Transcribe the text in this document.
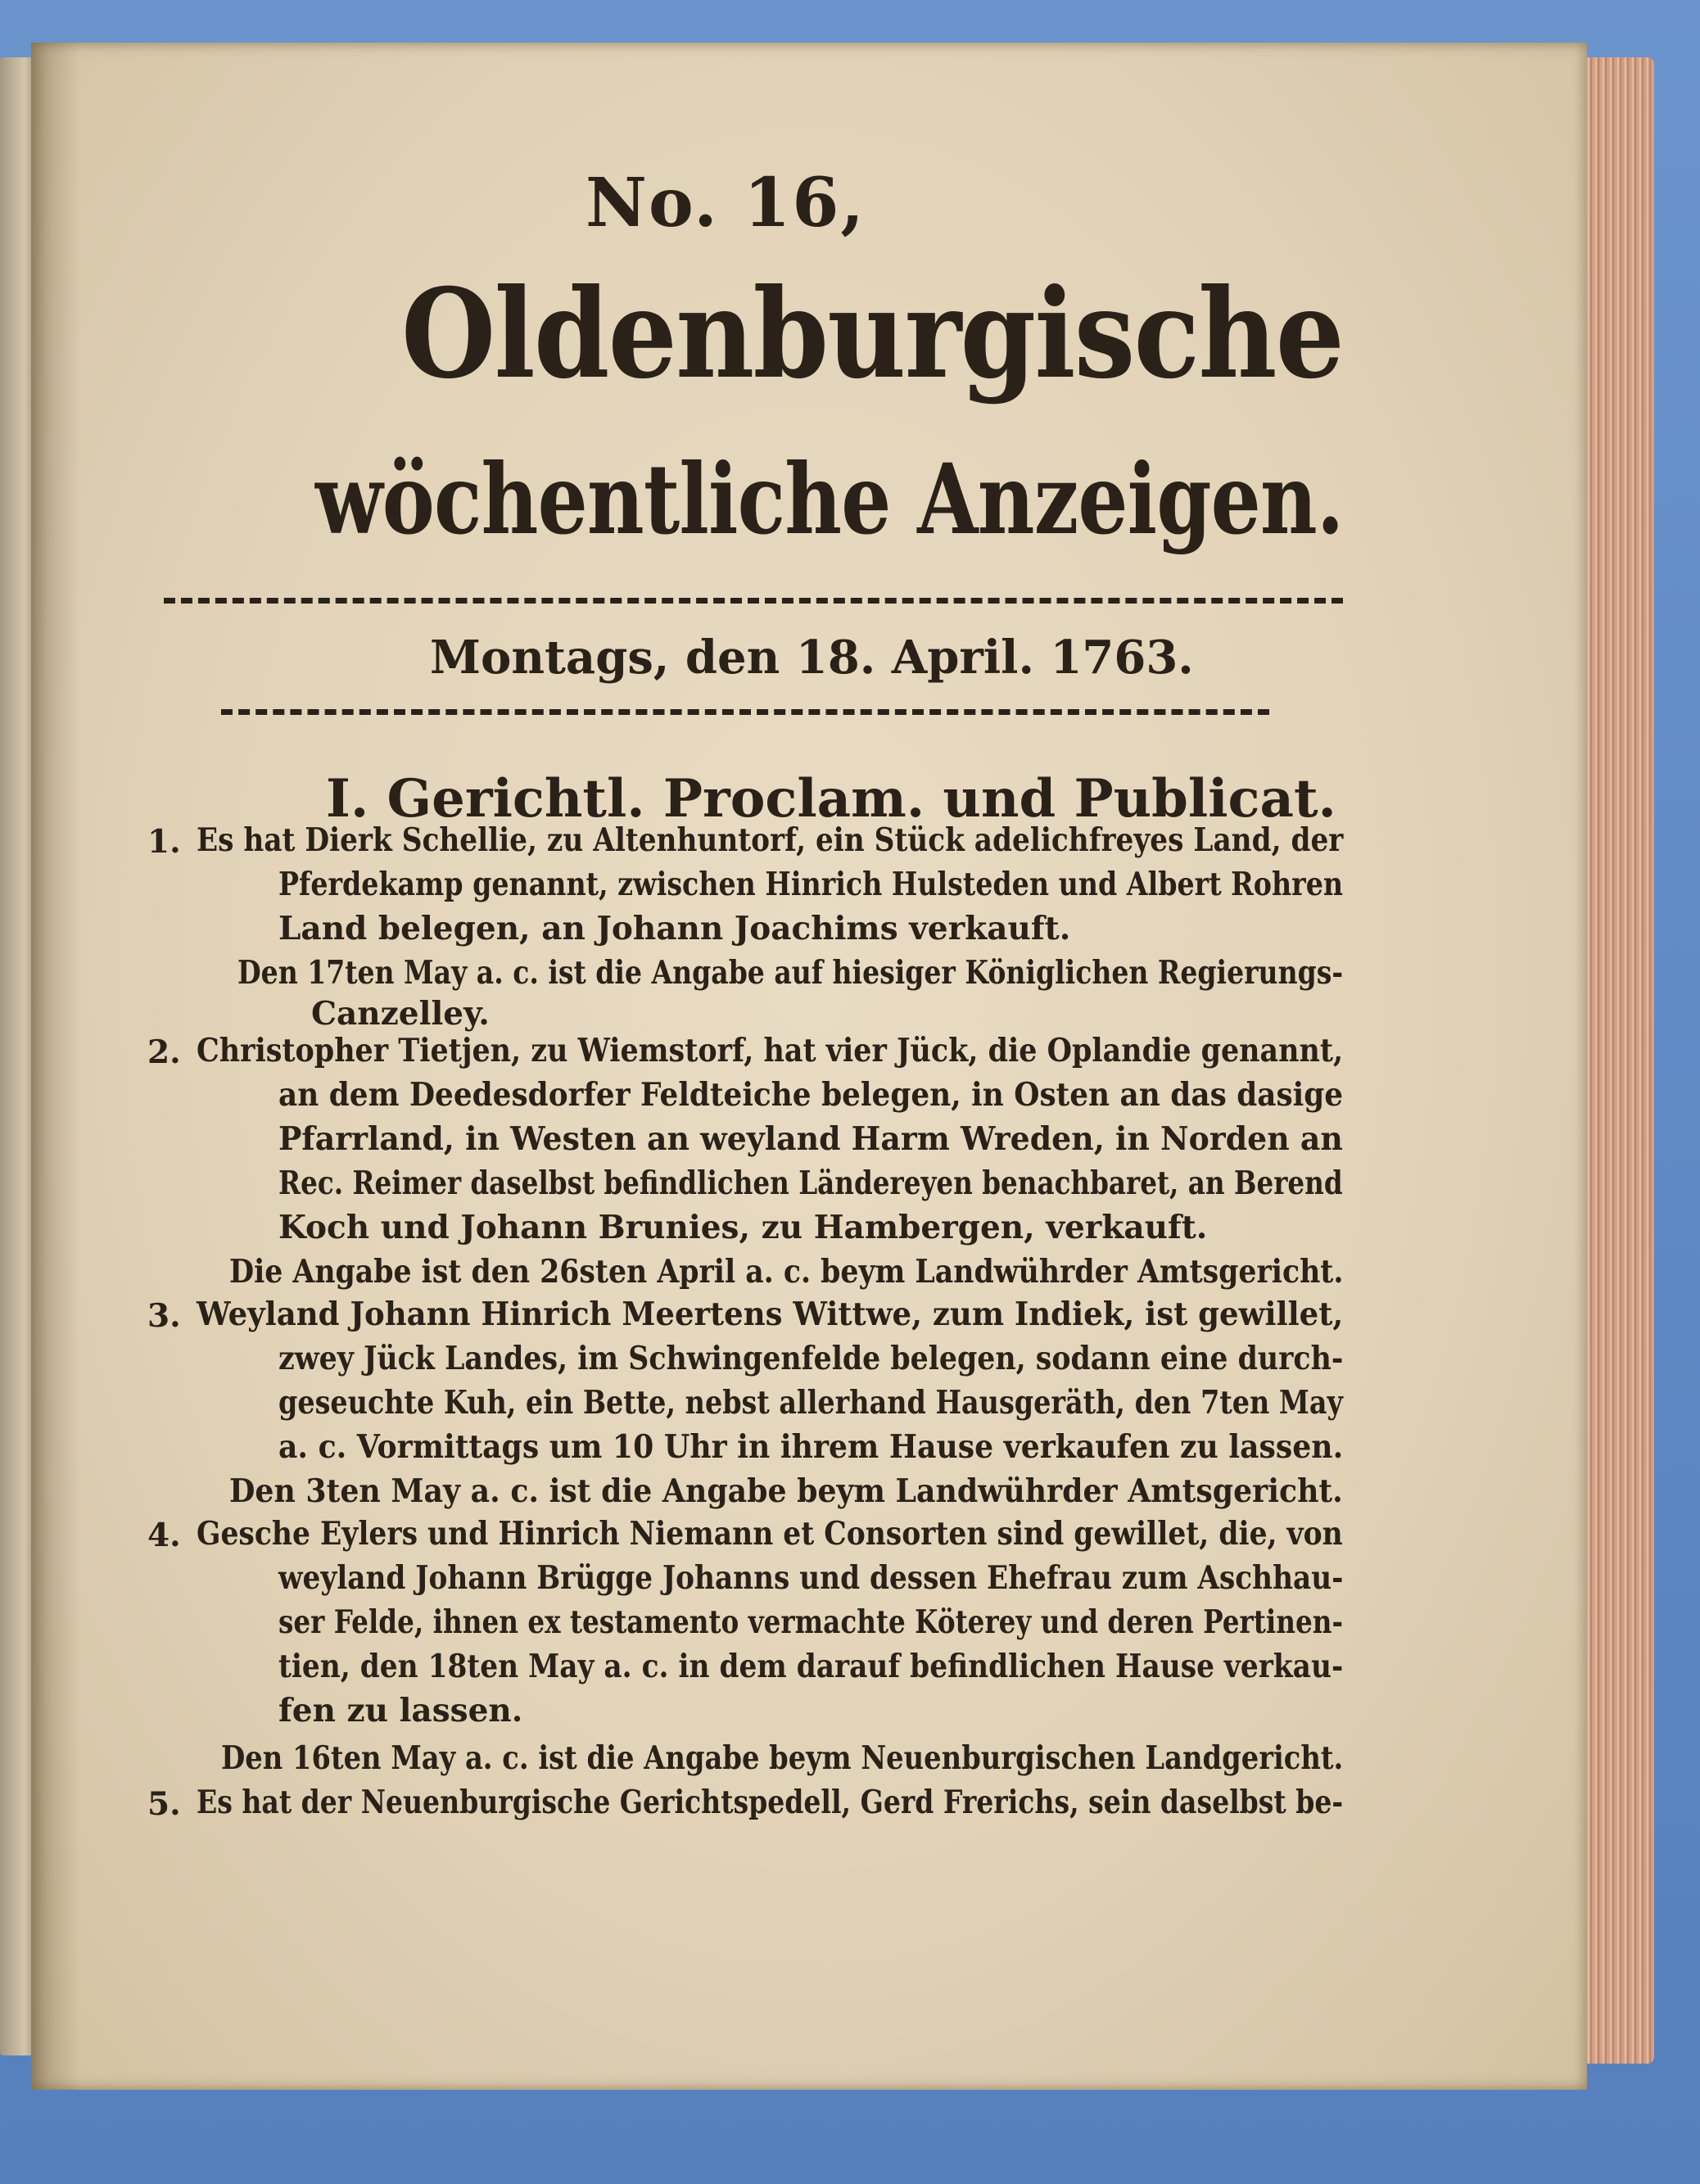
No. 16,
Oldenburgische
wöchentliche Anzeigen.
Montags, den 18. April. 1763.
I. Gerichtl. Proclam. und Publicat.
1. Es hat Dierk Schellie, zu Altenhuntorf, ein Stück adelichfreyes Land, der
Pferdekamp genannt, zwischen Hinrich Hulsteden und Albert Rohren
Land belegen, an Johann Joachims verkauft.
Den 17ten May a. c. ist die Angabe auf hiesiger Königlichen Regierungs-
Canzelley.
2. Christopher Tietjen, zu Wiemstorf, hat vier Jück, die Oplandie genannt,
an dem Deedesdorfer Feldteiche belegen, in Osten an das dasige
Pfarrland, in Westen an weyland Harm Wreden, in Norden an
Rec. Reimer daselbst befindlichen Ländereyen benachbaret, an Berend
Koch und Johann Brunies, zu Hambergen, verkauft.
Die Angabe ist den 26sten April a. c. beym Landwührder Amtsgericht.
3. Weyland Johann Hinrich Meertens Wittwe, zum Indiek, ist gewillet,
zwey Jück Landes, im Schwingenfelde belegen, sodann eine durch-
geseuchte Kuh, ein Bette, nebst allerhand Hausgeräth, den 7ten May
a. c. Vormittags um 10 Uhr in ihrem Hause verkaufen zu lassen.
Den 3ten May a. c. ist die Angabe beym Landwührder Amtsgericht.
4. Gesche Eylers und Hinrich Niemann et Consorten sind gewillet, die, von
weyland Johann Brügge Johanns und dessen Ehefrau zum Aschhau-
ser Felde, ihnen ex testamento vermachte Köterey und deren Pertinen-
tien, den 18ten May a. c. in dem darauf befindlichen Hause verkau-
fen zu lassen.
Den 16ten May a. c. ist die Angabe beym Neuenburgischen Landgericht.
5. Es hat der Neuenburgische Gerichtspedell, Gerd Frerichs, sein daselbst be-
